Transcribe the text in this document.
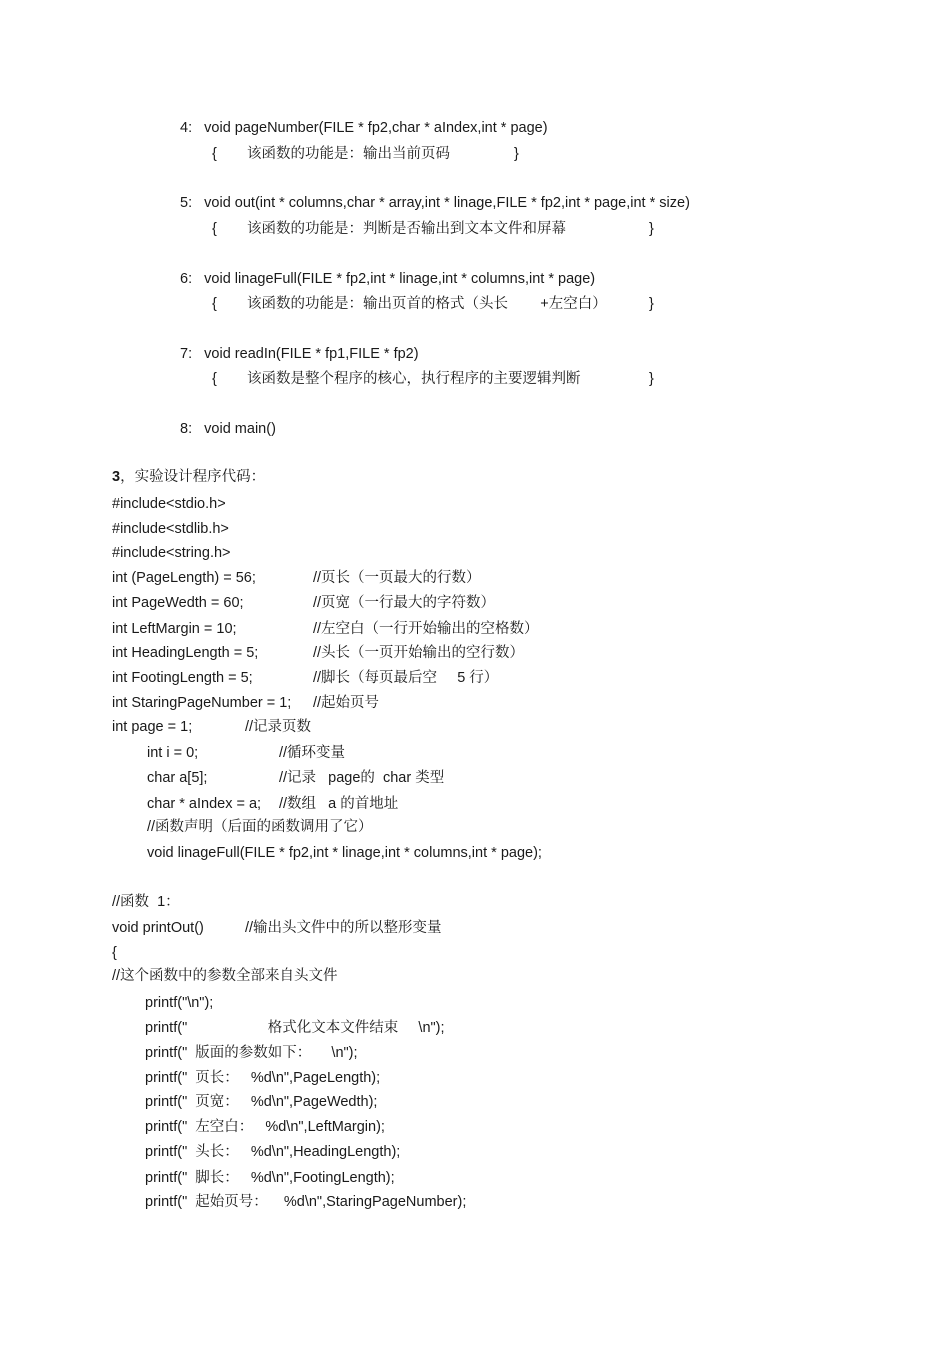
4:   void pageNumber(FILE * fp2,char * aIndex,int * page)
{ 该函数的功能是：输出当前页码	}
5:   void out(int * columns,char * array,int * linage,FILE * fp2,int * page,int * size)
{ 该函数的功能是：判断是否输出到文本文件和屏幕	}
6:   void linageFull(FILE * fp2,int * linage,int * columns,int * page)
{ 该函数的功能是：输出页首的格式（头长        +左空白）	}
7:   void readIn(FILE * fp1,FILE * fp2)
{ 该函数是整个程序的核心，执行程序的主要逻辑判断	}
8:   void main()
3，实验设计程序代码：
#include<stdio.h>
#include<stdlib.h>
#include<string.h>
int (PageLength) = 56;	//页长（一页最大的行数）
int PageWedth = 60;	//页宽（一行最大的字符数）
int LeftMargin = 10;	//左空白（一行开始输出的空格数）
int HeadingLength = 5;	//头长（一页开始输出的空行数）
int FootingLength = 5;	//脚长（每页最后空     5 行）
int StaringPageNumber = 1; //起始页号
int page = 1;	//记录页数
int i = 0;	//循环变量
char a[5];	//记录   page的  char 类型
char * aIndex = a; //数组   a 的首地址
//函数声明（后面的函数调用了它）
void linageFull(FILE * fp2,int * linage,int * columns,int * page);
//函数  1：
void printOut()	//输出头文件中的所以整形变量
{
//这个函数中的参数全部来自头文件
printf("\n");
printf("                    格式化文本文件结束     \n");
printf("  版面的参数如下：     \n");
printf("  页长：   %d\n",PageLength);
printf("  页宽：   %d\n",PageWedth);
printf("  左空白：   %d\n",LeftMargin);
printf("  头长：   %d\n",HeadingLength);
printf("  脚长：   %d\n",FootingLength);
printf("  起始页号：    %d\n",StaringPageNumber);
